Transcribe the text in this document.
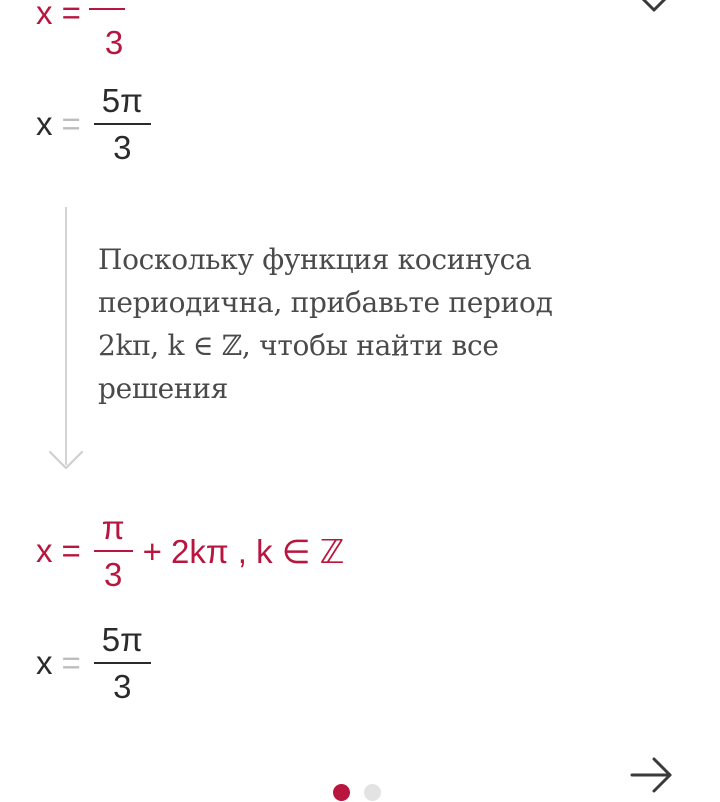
x =
3
$x = \frac{5\pi}{3}$
Поскольку функция косинуса периодична, прибавьте период 2kπ, k ∈ ℤ, чтобы найти все решения
$x = \frac{\pi}{3} + 2k\pi$ , k ∈ ℤ
$x = \frac{5\pi}{3}$
